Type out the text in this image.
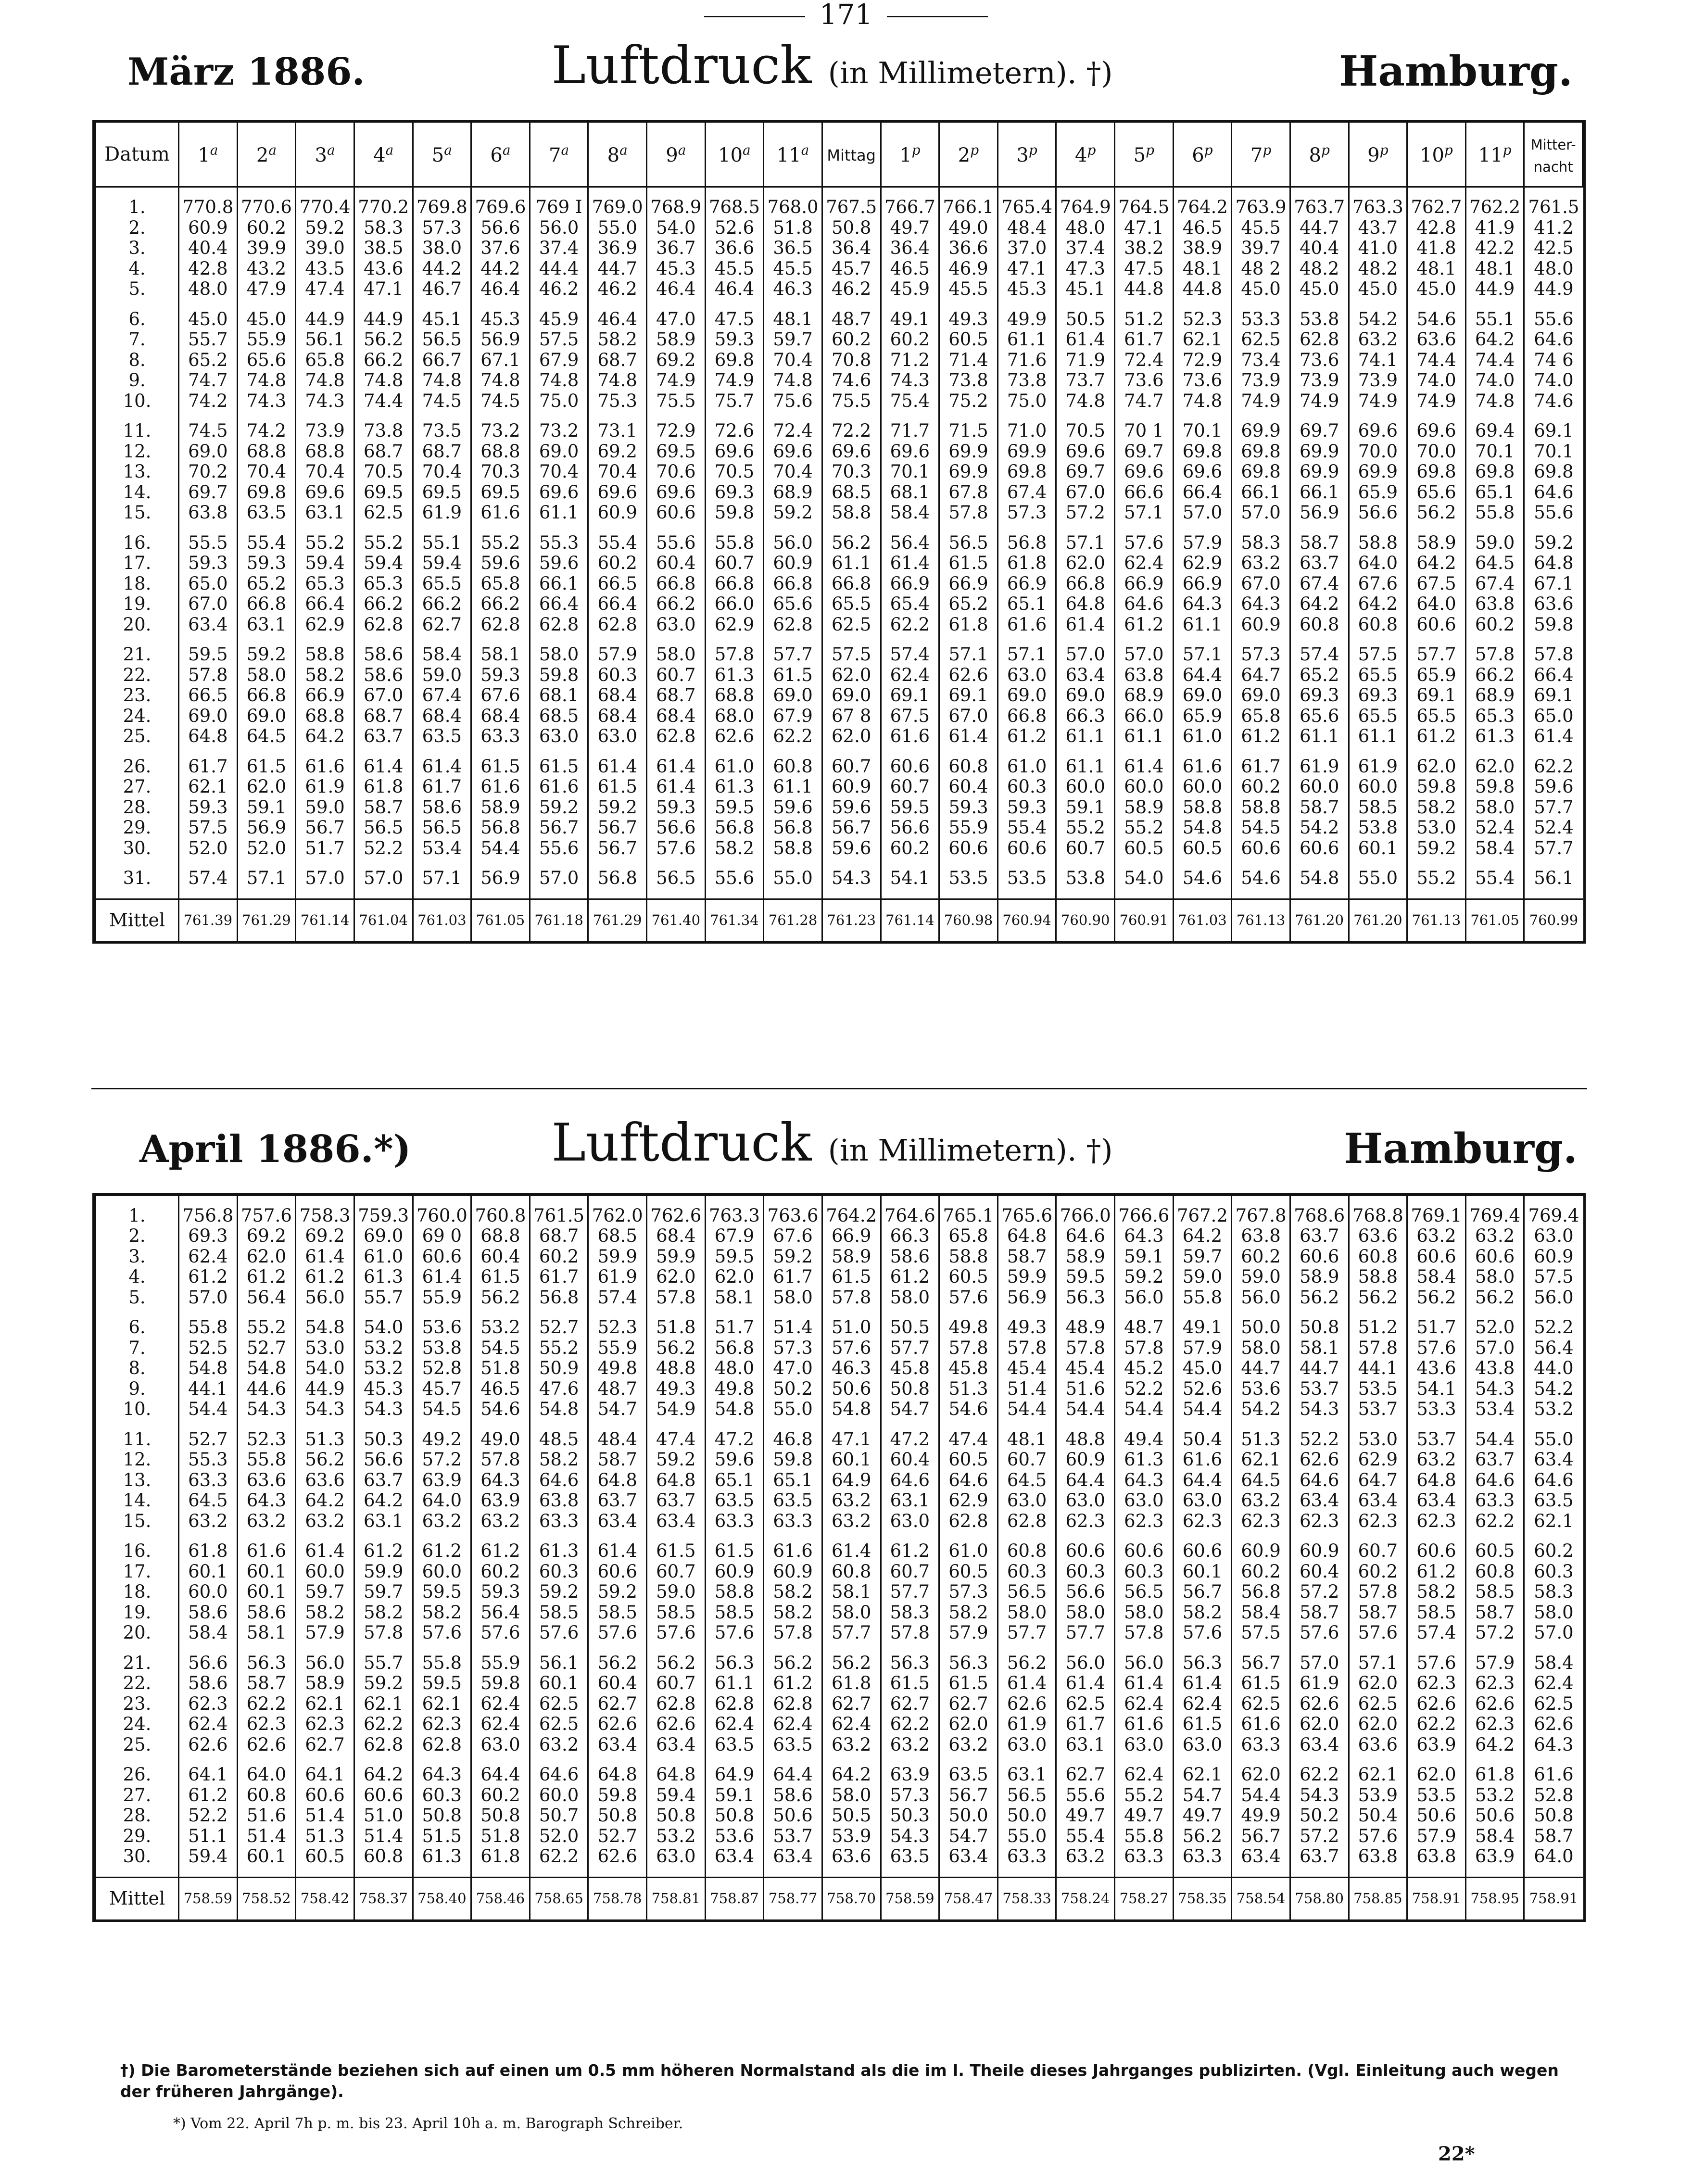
171
März 1886.	Luftdruck (in Millimetern). †)	Hamburg.
Datum	1$^a$	2$^a$	3$^a$	4$^a$	5$^a$	6$^a$	7$^a$	8$^a$	9$^a$	10$^a$	11$^a$	Mittag	1$^p$	2$^p$	3$^p$	4$^p$	5$^p$	6$^p$	7$^p$	8$^p$	9$^p$	10$^p$	11$^p$	Mitter-
nacht

1.	770.8	770.6	770.4	770.2	769.8	769.6	769 I	769.0	768.9	768.5	768.0	767.5	766.7	766.1	765.4	764.9	764.5	764.2	763.9	763.7	763.3	762.7	762.2	761.5
2.	60.9	60.2	59.2	58.3	57.3	56.6	56.0	55.0	54.0	52.6	51.8	50.8	49.7	49.0	48.4	48.0	47.1	46.5	45.5	44.7	43.7	42.8	41.9	41.2
3.	40.4	39.9	39.0	38.5	38.0	37.6	37.4	36.9	36.7	36.6	36.5	36.4	36.4	36.6	37.0	37.4	38.2	38.9	39.7	40.4	41.0	41.8	42.2	42.5
4.	42.8	43.2	43.5	43.6	44.2	44.2	44.4	44.7	45.3	45.5	45.5	45.7	46.5	46.9	47.1	47.3	47.5	48.1	48 2	48.2	48.2	48.1	48.1	48.0
5.	48.0	47.9	47.4	47.1	46.7	46.4	46.2	46.2	46.4	46.4	46.3	46.2	45.9	45.5	45.3	45.1	44.8	44.8	45.0	45.0	45.0	45.0	44.9	44.9

6.	45.0	45.0	44.9	44.9	45.1	45.3	45.9	46.4	47.0	47.5	48.1	48.7	49.1	49.3	49.9	50.5	51.2	52.3	53.3	53.8	54.2	54.6	55.1	55.6
7.	55.7	55.9	56.1	56.2	56.5	56.9	57.5	58.2	58.9	59.3	59.7	60.2	60.2	60.5	61.1	61.4	61.7	62.1	62.5	62.8	63.2	63.6	64.2	64.6
8.	65.2	65.6	65.8	66.2	66.7	67.1	67.9	68.7	69.2	69.8	70.4	70.8	71.2	71.4	71.6	71.9	72.4	72.9	73.4	73.6	74.1	74.4	74.4	74 6
9.	74.7	74.8	74.8	74.8	74.8	74.8	74.8	74.8	74.9	74.9	74.8	74.6	74.3	73.8	73.8	73.7	73.6	73.6	73.9	73.9	73.9	74.0	74.0	74.0
10.	74.2	74.3	74.3	74.4	74.5	74.5	75.0	75.3	75.5	75.7	75.6	75.5	75.4	75.2	75.0	74.8	74.7	74.8	74.9	74.9	74.9	74.9	74.8	74.6

11.	74.5	74.2	73.9	73.8	73.5	73.2	73.2	73.1	72.9	72.6	72.4	72.2	71.7	71.5	71.0	70.5	70 1	70.1	69.9	69.7	69.6	69.6	69.4	69.1
12.	69.0	68.8	68.8	68.7	68.7	68.8	69.0	69.2	69.5	69.6	69.6	69.6	69.6	69.9	69.9	69.6	69.7	69.8	69.8	69.9	70.0	70.0	70.1	70.1
13.	70.2	70.4	70.4	70.5	70.4	70.3	70.4	70.4	70.6	70.5	70.4	70.3	70.1	69.9	69.8	69.7	69.6	69.6	69.8	69.9	69.9	69.8	69.8	69.8
14.	69.7	69.8	69.6	69.5	69.5	69.5	69.6	69.6	69.6	69.3	68.9	68.5	68.1	67.8	67.4	67.0	66.6	66.4	66.1	66.1	65.9	65.6	65.1	64.6
15.	63.8	63.5	63.1	62.5	61.9	61.6	61.1	60.9	60.6	59.8	59.2	58.8	58.4	57.8	57.3	57.2	57.1	57.0	57.0	56.9	56.6	56.2	55.8	55.6

16.	55.5	55.4	55.2	55.2	55.1	55.2	55.3	55.4	55.6	55.8	56.0	56.2	56.4	56.5	56.8	57.1	57.6	57.9	58.3	58.7	58.8	58.9	59.0	59.2
17.	59.3	59.3	59.4	59.4	59.4	59.6	59.6	60.2	60.4	60.7	60.9	61.1	61.4	61.5	61.8	62.0	62.4	62.9	63.2	63.7	64.0	64.2	64.5	64.8
18.	65.0	65.2	65.3	65.3	65.5	65.8	66.1	66.5	66.8	66.8	66.8	66.8	66.9	66.9	66.9	66.8	66.9	66.9	67.0	67.4	67.6	67.5	67.4	67.1
19.	67.0	66.8	66.4	66.2	66.2	66.2	66.4	66.4	66.2	66.0	65.6	65.5	65.4	65.2	65.1	64.8	64.6	64.3	64.3	64.2	64.2	64.0	63.8	63.6
20.	63.4	63.1	62.9	62.8	62.7	62.8	62.8	62.8	63.0	62.9	62.8	62.5	62.2	61.8	61.6	61.4	61.2	61.1	60.9	60.8	60.8	60.6	60.2	59.8

21.	59.5	59.2	58.8	58.6	58.4	58.1	58.0	57.9	58.0	57.8	57.7	57.5	57.4	57.1	57.1	57.0	57.0	57.1	57.3	57.4	57.5	57.7	57.8	57.8
22.	57.8	58.0	58.2	58.6	59.0	59.3	59.8	60.3	60.7	61.3	61.5	62.0	62.4	62.6	63.0	63.4	63.8	64.4	64.7	65.2	65.5	65.9	66.2	66.4
23.	66.5	66.8	66.9	67.0	67.4	67.6	68.1	68.4	68.7	68.8	69.0	69.0	69.1	69.1	69.0	69.0	68.9	69.0	69.0	69.3	69.3	69.1	68.9	69.1
24.	69.0	69.0	68.8	68.7	68.4	68.4	68.5	68.4	68.4	68.0	67.9	67 8	67.5	67.0	66.8	66.3	66.0	65.9	65.8	65.6	65.5	65.5	65.3	65.0
25.	64.8	64.5	64.2	63.7	63.5	63.3	63.0	63.0	62.8	62.6	62.2	62.0	61.6	61.4	61.2	61.1	61.1	61.0	61.2	61.1	61.1	61.2	61.3	61.4

26.	61.7	61.5	61.6	61.4	61.4	61.5	61.5	61.4	61.4	61.0	60.8	60.7	60.6	60.8	61.0	61.1	61.4	61.6	61.7	61.9	61.9	62.0	62.0	62.2
27.	62.1	62.0	61.9	61.8	61.7	61.6	61.6	61.5	61.4	61.3	61.1	60.9	60.7	60.4	60.3	60.0	60.0	60.0	60.2	60.0	60.0	59.8	59.8	59.6
28.	59.3	59.1	59.0	58.7	58.6	58.9	59.2	59.2	59.3	59.5	59.6	59.6	59.5	59.3	59.3	59.1	58.9	58.8	58.8	58.7	58.5	58.2	58.0	57.7
29.	57.5	56.9	56.7	56.5	56.5	56.8	56.7	56.7	56.6	56.8	56.8	56.7	56.6	55.9	55.4	55.2	55.2	54.8	54.5	54.2	53.8	53.0	52.4	52.4
30.	52.0	52.0	51.7	52.2	53.4	54.4	55.6	56.7	57.6	58.2	58.8	59.6	60.2	60.6	60.6	60.7	60.5	60.5	60.6	60.6	60.1	59.2	58.4	57.7

31.	57.4	57.1	57.0	57.0	57.1	56.9	57.0	56.8	56.5	55.6	55.0	54.3	54.1	53.5	53.5	53.8	54.0	54.6	54.6	54.8	55.0	55.2	55.4	56.1

Mittel	761.39	761.29	761.14	761.04	761.03	761.05	761.18	761.29	761.40	761.34	761.28	761.23	761.14	760.98	760.94	760.90	760.91	761.03	761.13	761.20	761.20	761.13	761.05	760.99
April 1886.*)	Luftdruck (in Millimetern). †)	Hamburg.

1.	756.8	757.6	758.3	759.3	760.0	760.8	761.5	762.0	762.6	763.3	763.6	764.2	764.6	765.1	765.6	766.0	766.6	767.2	767.8	768.6	768.8	769.1	769.4	769.4
2.	69.3	69.2	69.2	69.0	69 0	68.8	68.7	68.5	68.4	67.9	67.6	66.9	66.3	65.8	64.8	64.6	64.3	64.2	63.8	63.7	63.6	63.2	63.2	63.0
3.	62.4	62.0	61.4	61.0	60.6	60.4	60.2	59.9	59.9	59.5	59.2	58.9	58.6	58.8	58.7	58.9	59.1	59.7	60.2	60.6	60.8	60.6	60.6	60.9
4.	61.2	61.2	61.2	61.3	61.4	61.5	61.7	61.9	62.0	62.0	61.7	61.5	61.2	60.5	59.9	59.5	59.2	59.0	59.0	58.9	58.8	58.4	58.0	57.5
5.	57.0	56.4	56.0	55.7	55.9	56.2	56.8	57.4	57.8	58.1	58.0	57.8	58.0	57.6	56.9	56.3	56.0	55.8	56.0	56.2	56.2	56.2	56.2	56.0

6.	55.8	55.2	54.8	54.0	53.6	53.2	52.7	52.3	51.8	51.7	51.4	51.0	50.5	49.8	49.3	48.9	48.7	49.1	50.0	50.8	51.2	51.7	52.0	52.2
7.	52.5	52.7	53.0	53.2	53.8	54.5	55.2	55.9	56.2	56.8	57.3	57.6	57.7	57.8	57.8	57.8	57.8	57.9	58.0	58.1	57.8	57.6	57.0	56.4
8.	54.8	54.8	54.0	53.2	52.8	51.8	50.9	49.8	48.8	48.0	47.0	46.3	45.8	45.8	45.4	45.4	45.2	45.0	44.7	44.7	44.1	43.6	43.8	44.0
9.	44.1	44.6	44.9	45.3	45.7	46.5	47.6	48.7	49.3	49.8	50.2	50.6	50.8	51.3	51.4	51.6	52.2	52.6	53.6	53.7	53.5	54.1	54.3	54.2
10.	54.4	54.3	54.3	54.3	54.5	54.6	54.8	54.7	54.9	54.8	55.0	54.8	54.7	54.6	54.4	54.4	54.4	54.4	54.2	54.3	53.7	53.3	53.4	53.2

11.	52.7	52.3	51.3	50.3	49.2	49.0	48.5	48.4	47.4	47.2	46.8	47.1	47.2	47.4	48.1	48.8	49.4	50.4	51.3	52.2	53.0	53.7	54.4	55.0
12.	55.3	55.8	56.2	56.6	57.2	57.8	58.2	58.7	59.2	59.6	59.8	60.1	60.4	60.5	60.7	60.9	61.3	61.6	62.1	62.6	62.9	63.2	63.7	63.4
13.	63.3	63.6	63.6	63.7	63.9	64.3	64.6	64.8	64.8	65.1	65.1	64.9	64.6	64.6	64.5	64.4	64.3	64.4	64.5	64.6	64.7	64.8	64.6	64.6
14.	64.5	64.3	64.2	64.2	64.0	63.9	63.8	63.7	63.7	63.5	63.5	63.2	63.1	62.9	63.0	63.0	63.0	63.0	63.2	63.4	63.4	63.4	63.3	63.5
15.	63.2	63.2	63.2	63.1	63.2	63.2	63.3	63.4	63.4	63.3	63.3	63.2	63.0	62.8	62.8	62.3	62.3	62.3	62.3	62.3	62.3	62.3	62.2	62.1

16.	61.8	61.6	61.4	61.2	61.2	61.2	61.3	61.4	61.5	61.5	61.6	61.4	61.2	61.0	60.8	60.6	60.6	60.6	60.9	60.9	60.7	60.6	60.5	60.2
17.	60.1	60.1	60.0	59.9	60.0	60.2	60.3	60.6	60.7	60.9	60.9	60.8	60.7	60.5	60.3	60.3	60.3	60.1	60.2	60.4	60.2	61.2	60.8	60.3
18.	60.0	60.1	59.7	59.7	59.5	59.3	59.2	59.2	59.0	58.8	58.2	58.1	57.7	57.3	56.5	56.6	56.5	56.7	56.8	57.2	57.8	58.2	58.5	58.3
19.	58.6	58.6	58.2	58.2	58.2	56.4	58.5	58.5	58.5	58.5	58.2	58.0	58.3	58.2	58.0	58.0	58.0	58.2	58.4	58.7	58.7	58.5	58.7	58.0
20.	58.4	58.1	57.9	57.8	57.6	57.6	57.6	57.6	57.6	57.6	57.8	57.7	57.8	57.9	57.7	57.7	57.8	57.6	57.5	57.6	57.6	57.4	57.2	57.0

21.	56.6	56.3	56.0	55.7	55.8	55.9	56.1	56.2	56.2	56.3	56.2	56.2	56.3	56.3	56.2	56.0	56.0	56.3	56.7	57.0	57.1	57.6	57.9	58.4
22.	58.6	58.7	58.9	59.2	59.5	59.8	60.1	60.4	60.7	61.1	61.2	61.8	61.5	61.5	61.4	61.4	61.4	61.4	61.5	61.9	62.0	62.3	62.3	62.4
23.	62.3	62.2	62.1	62.1	62.1	62.4	62.5	62.7	62.8	62.8	62.8	62.7	62.7	62.7	62.6	62.5	62.4	62.4	62.5	62.6	62.5	62.6	62.6	62.5
24.	62.4	62.3	62.3	62.2	62.3	62.4	62.5	62.6	62.6	62.4	62.4	62.4	62.2	62.0	61.9	61.7	61.6	61.5	61.6	62.0	62.0	62.2	62.3	62.6
25.	62.6	62.6	62.7	62.8	62.8	63.0	63.2	63.4	63.4	63.5	63.5	63.2	63.2	63.2	63.0	63.1	63.0	63.0	63.3	63.4	63.6	63.9	64.2	64.3

26.	64.1	64.0	64.1	64.2	64.3	64.4	64.6	64.8	64.8	64.9	64.4	64.2	63.9	63.5	63.1	62.7	62.4	62.1	62.0	62.2	62.1	62.0	61.8	61.6
27.	61.2	60.8	60.6	60.6	60.3	60.2	60.0	59.8	59.4	59.1	58.6	58.0	57.3	56.7	56.5	55.6	55.2	54.7	54.4	54.3	53.9	53.5	53.2	52.8
28.	52.2	51.6	51.4	51.0	50.8	50.8	50.7	50.8	50.8	50.8	50.6	50.5	50.3	50.0	50.0	49.7	49.7	49.7	49.9	50.2	50.4	50.6	50.6	50.8
29.	51.1	51.4	51.3	51.4	51.5	51.8	52.0	52.7	53.2	53.6	53.7	53.9	54.3	54.7	55.0	55.4	55.8	56.2	56.7	57.2	57.6	57.9	58.4	58.7
30.	59.4	60.1	60.5	60.8	61.3	61.8	62.2	62.6	63.0	63.4	63.4	63.6	63.5	63.4	63.3	63.2	63.3	63.3	63.4	63.7	63.8	63.8	63.9	64.0

Mittel	758.59	758.52	758.42	758.37	758.40	758.46	758.65	758.78	758.81	758.87	758.77	758.70	758.59	758.47	758.33	758.24	758.27	758.35	758.54	758.80	758.85	758.91	758.95	758.91
†) Die Barometerstände beziehen sich auf einen um 0.5 mm höheren Normalstand als die im I. Theile dieses Jahrganges publizirten. (Vgl. Einleitung auch wegen der früheren Jahrgänge).
*) Vom 22. April 7h p. m. bis 23. April 10h a. m. Barograph Schreiber.
22*
